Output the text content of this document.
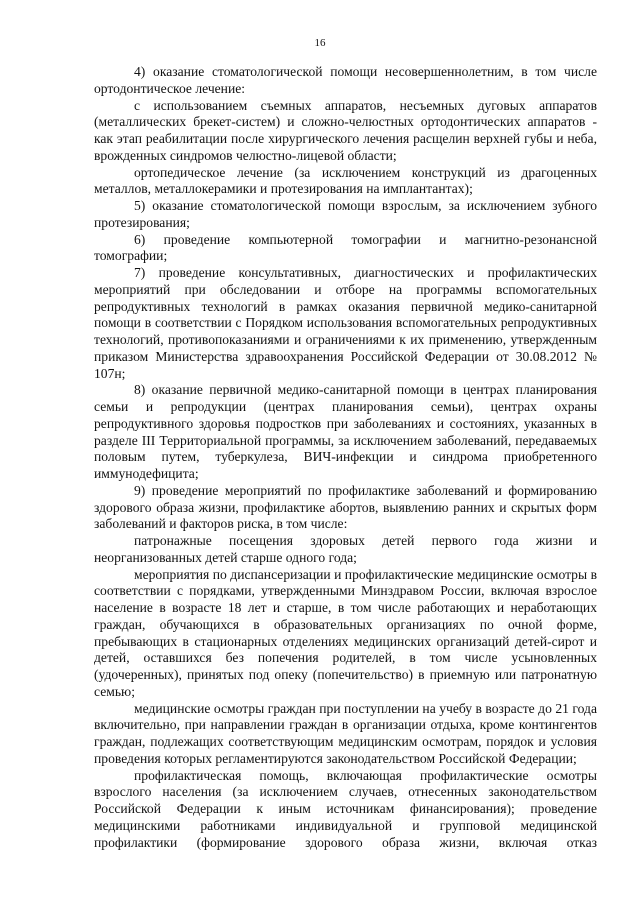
16

4) оказание стоматологической помощи несовершеннолетним, в том числе ортодонтическое лечение:

с использованием съемных аппаратов, несъемных дуговых аппаратов (металлических брекет-систем) и сложно-челюстных ортодонтических аппаратов - как этап реабилитации после хирургического лечения расщелин верхней губы и неба, врожденных синдромов челюстно-лицевой области;

ортопедическое лечение (за исключением конструкций из драгоценных металлов, металлокерамики и протезирования на имплантантах);

5) оказание стоматологической помощи взрослым, за исключением зубного протезирования;

6) проведение компьютерной томографии и магнитно-резонансной томографии;

7) проведение консультативных, диагностических и профилактических мероприятий при обследовании и отборе на программы вспомогательных репродуктивных технологий в рамках оказания первичной медико-санитарной помощи в соответствии с Порядком использования вспомогательных репродуктивных технологий, противопоказаниями и ограничениями к их применению, утвержденным приказом Министерства здравоохранения Российской Федерации от 30.08.2012 № 107н;

8) оказание первичной медико-санитарной помощи в центрах планирования семьи и репродукции (центрах планирования семьи), центрах охраны репродуктивного здоровья подростков при заболеваниях и состояниях, указанных в разделе III Территориальной программы, за исключением заболеваний, передаваемых половым путем, туберкулеза, ВИЧ-инфекции и синдрома приобретенного иммунодефицита;

9) проведение мероприятий по профилактике заболеваний и формированию здорового образа жизни, профилактике абортов, выявлению ранних и скрытых форм заболеваний и факторов риска, в том числе:

патронажные посещения здоровых детей первого года жизни и неорганизованных детей старше одного года;

мероприятия по диспансеризации и профилактические медицинские осмотры в соответствии с порядками, утвержденными Минздравом России, включая взрослое население в возрасте 18 лет и старше, в том числе работающих и неработающих граждан, обучающихся в образовательных организациях по очной форме, пребывающих в стационарных отделениях медицинских организаций детей-сирот и детей, оставшихся без попечения родителей, в том числе усыновленных (удочеренных), принятых под опеку (попечительство) в приемную или патронатную семью;

медицинские осмотры граждан при поступлении на учебу в возрасте до 21 года включительно, при направлении граждан в организации отдыха, кроме контингентов граждан, подлежащих соответствующим медицинским осмотрам, порядок и условия проведения которых регламентируются законодательством Российской Федерации;

профилактическая помощь, включающая профилактические осмотры взрослого населения (за исключением случаев, отнесенных законодательством Российской Федерации к иным источникам финансирования); проведение медицинскими работниками индивидуальной и групповой медицинской профилактики (формирование здорового образа жизни, включая отказ
